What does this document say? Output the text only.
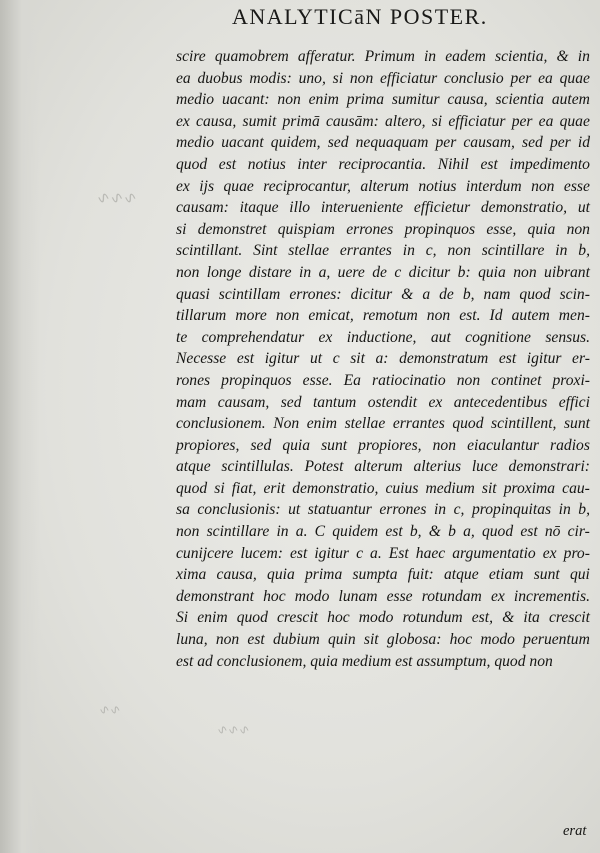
∿∿∿
∿∿
∿∿∿
ANALYTICāN POSTER.
scire quamobrem afferatur. Primum in eadem scientia, & in
ea duobus modis: uno, si non efficiatur conclusio per ea quae
medio uacant: non enim prima sumitur causa, scientia autem
ex causa, sumit primā causām: altero, si efficiatur per ea quae
medio uacant quidem, sed nequaquam per causam, sed per id
quod est notius inter reciprocantia. Nihil est impedimento
ex ijs quae reciprocantur, alterum notius interdum non esse
causam: itaque illo interueniente efficietur demonstratio, ut
si demonstret quispiam errones propinquos esse, quia non
scintillant. Sint stellae errantes in c, non scintillare in b,
non longe distare in a, uere de c dicitur b: quia non uibrant
quasi scintillam errones: dicitur & a de b, nam quod scin-
tillarum more non emicat, remotum non est. Id autem men-
te comprehendatur ex inductione, aut cognitione sensus.
Necesse est igitur ut c sit a: demonstratum est igitur er-
rones propinquos esse. Ea ratiocinatio non continet proxi-
mam causam, sed tantum ostendit ex antecedentibus effici
conclusionem. Non enim stellae errantes quod scintillent, sunt
propiores, sed quia sunt propiores, non eiaculantur radios
atque scintillulas. Potest alterum alterius luce demonstrari:
quod si fiat, erit demonstratio, cuius medium sit proxima cau-
sa conclusionis: ut statuantur errones in c, propinquitas in b,
non scintillare in a. C quidem est b, & b a, quod est nō cir-
cunijcere lucem: est igitur c a. Est haec argumentatio ex pro-
xima causa, quia prima sumpta fuit: atque etiam sunt qui
demonstrant hoc modo lunam esse rotundam ex incrementis.
Si enim quod crescit hoc modo rotundum est, & ita crescit
luna, non est dubium quin sit globosa: hoc modo peruentum
est ad conclusionem, quia medium est assumptum, quod non
erat
